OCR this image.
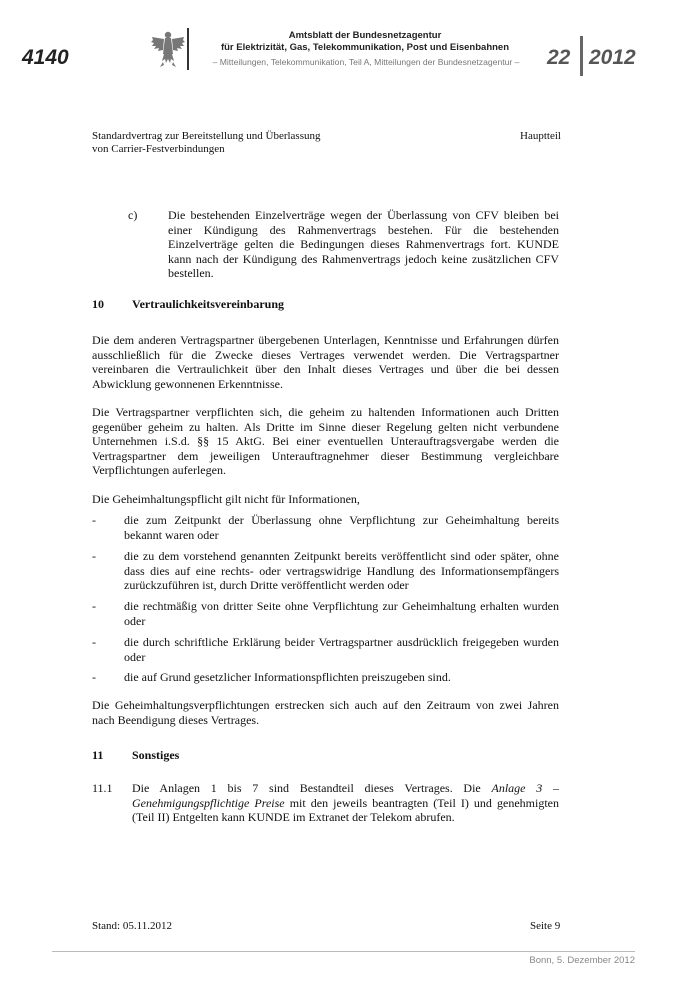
4140
Amtsblatt der Bundesnetzagentur
für Elektrizität, Gas, Telekommunikation, Post und Eisenbahnen
– Mitteilungen, Telekommunikation, Teil A, Mitteilungen der Bundesnetzagentur –	22 2012
Standardvertrag zur Bereitstellung und Überlassung
von Carrier-Festverbindungen
Hauptteil
c)	Die bestehenden Einzelverträge wegen der Überlassung von CFV bleiben bei einer Kündigung des Rahmenvertrags bestehen. Für die bestehenden Einzelverträge gelten die Bedingungen dieses Rahmenvertrags fort. KUNDE kann nach der Kündigung des Rahmenvertrags jedoch keine zusätzlichen CFV bestellen.
10 Vertraulichkeitsvereinbarung
Die dem anderen Vertragspartner übergebenen Unterlagen, Kenntnisse und Erfahrungen dürfen ausschließlich für die Zwecke dieses Vertrages verwendet werden. Die Vertragspartner vereinbaren die Vertraulichkeit über den Inhalt dieses Vertrages und über die bei dessen Abwicklung gewonnenen Erkenntnisse.
Die Vertragspartner verpflichten sich, die geheim zu haltenden Informationen auch Dritten gegenüber geheim zu halten. Als Dritte im Sinne dieser Regelung gelten nicht verbundene Unternehmen i.S.d. §§ 15 AktG. Bei einer eventuellen Unterauftragsvergabe werden die Vertragspartner dem jeweiligen Unterauftragnehmer dieser Bestimmung vergleichbare Verpflichtungen auferlegen.
Die Geheimhaltungspflicht gilt nicht für Informationen,
- die zum Zeitpunkt der Überlassung ohne Verpflichtung zur Geheimhaltung bereits bekannt waren oder
- die zu dem vorstehend genannten Zeitpunkt bereits veröffentlicht sind oder später, ohne dass dies auf eine rechts- oder vertragswidrige Handlung des Informationsempfängers zurückzuführen ist, durch Dritte veröffentlicht werden oder
- die rechtmäßig von dritter Seite ohne Verpflichtung zur Geheimhaltung erhalten wurden oder
- die durch schriftliche Erklärung beider Vertragspartner ausdrücklich freigegeben wurden oder
- die auf Grund gesetzlicher Informationspflichten preiszugeben sind.
Die Geheimhaltungsverpflichtungen erstrecken sich auch auf den Zeitraum von zwei Jahren nach Beendigung dieses Vertrages.
11 Sonstiges
11.1 Die Anlagen 1 bis 7 sind Bestandteil dieses Vertrages. Die Anlage 3 – Genehmigungspflichtige Preise mit den jeweils beantragten (Teil I) und genehmigten (Teil II) Entgelten kann KUNDE im Extranet der Telekom abrufen.
Stand: 05.11.2012	Seite 9
Bonn, 5. Dezember 2012
